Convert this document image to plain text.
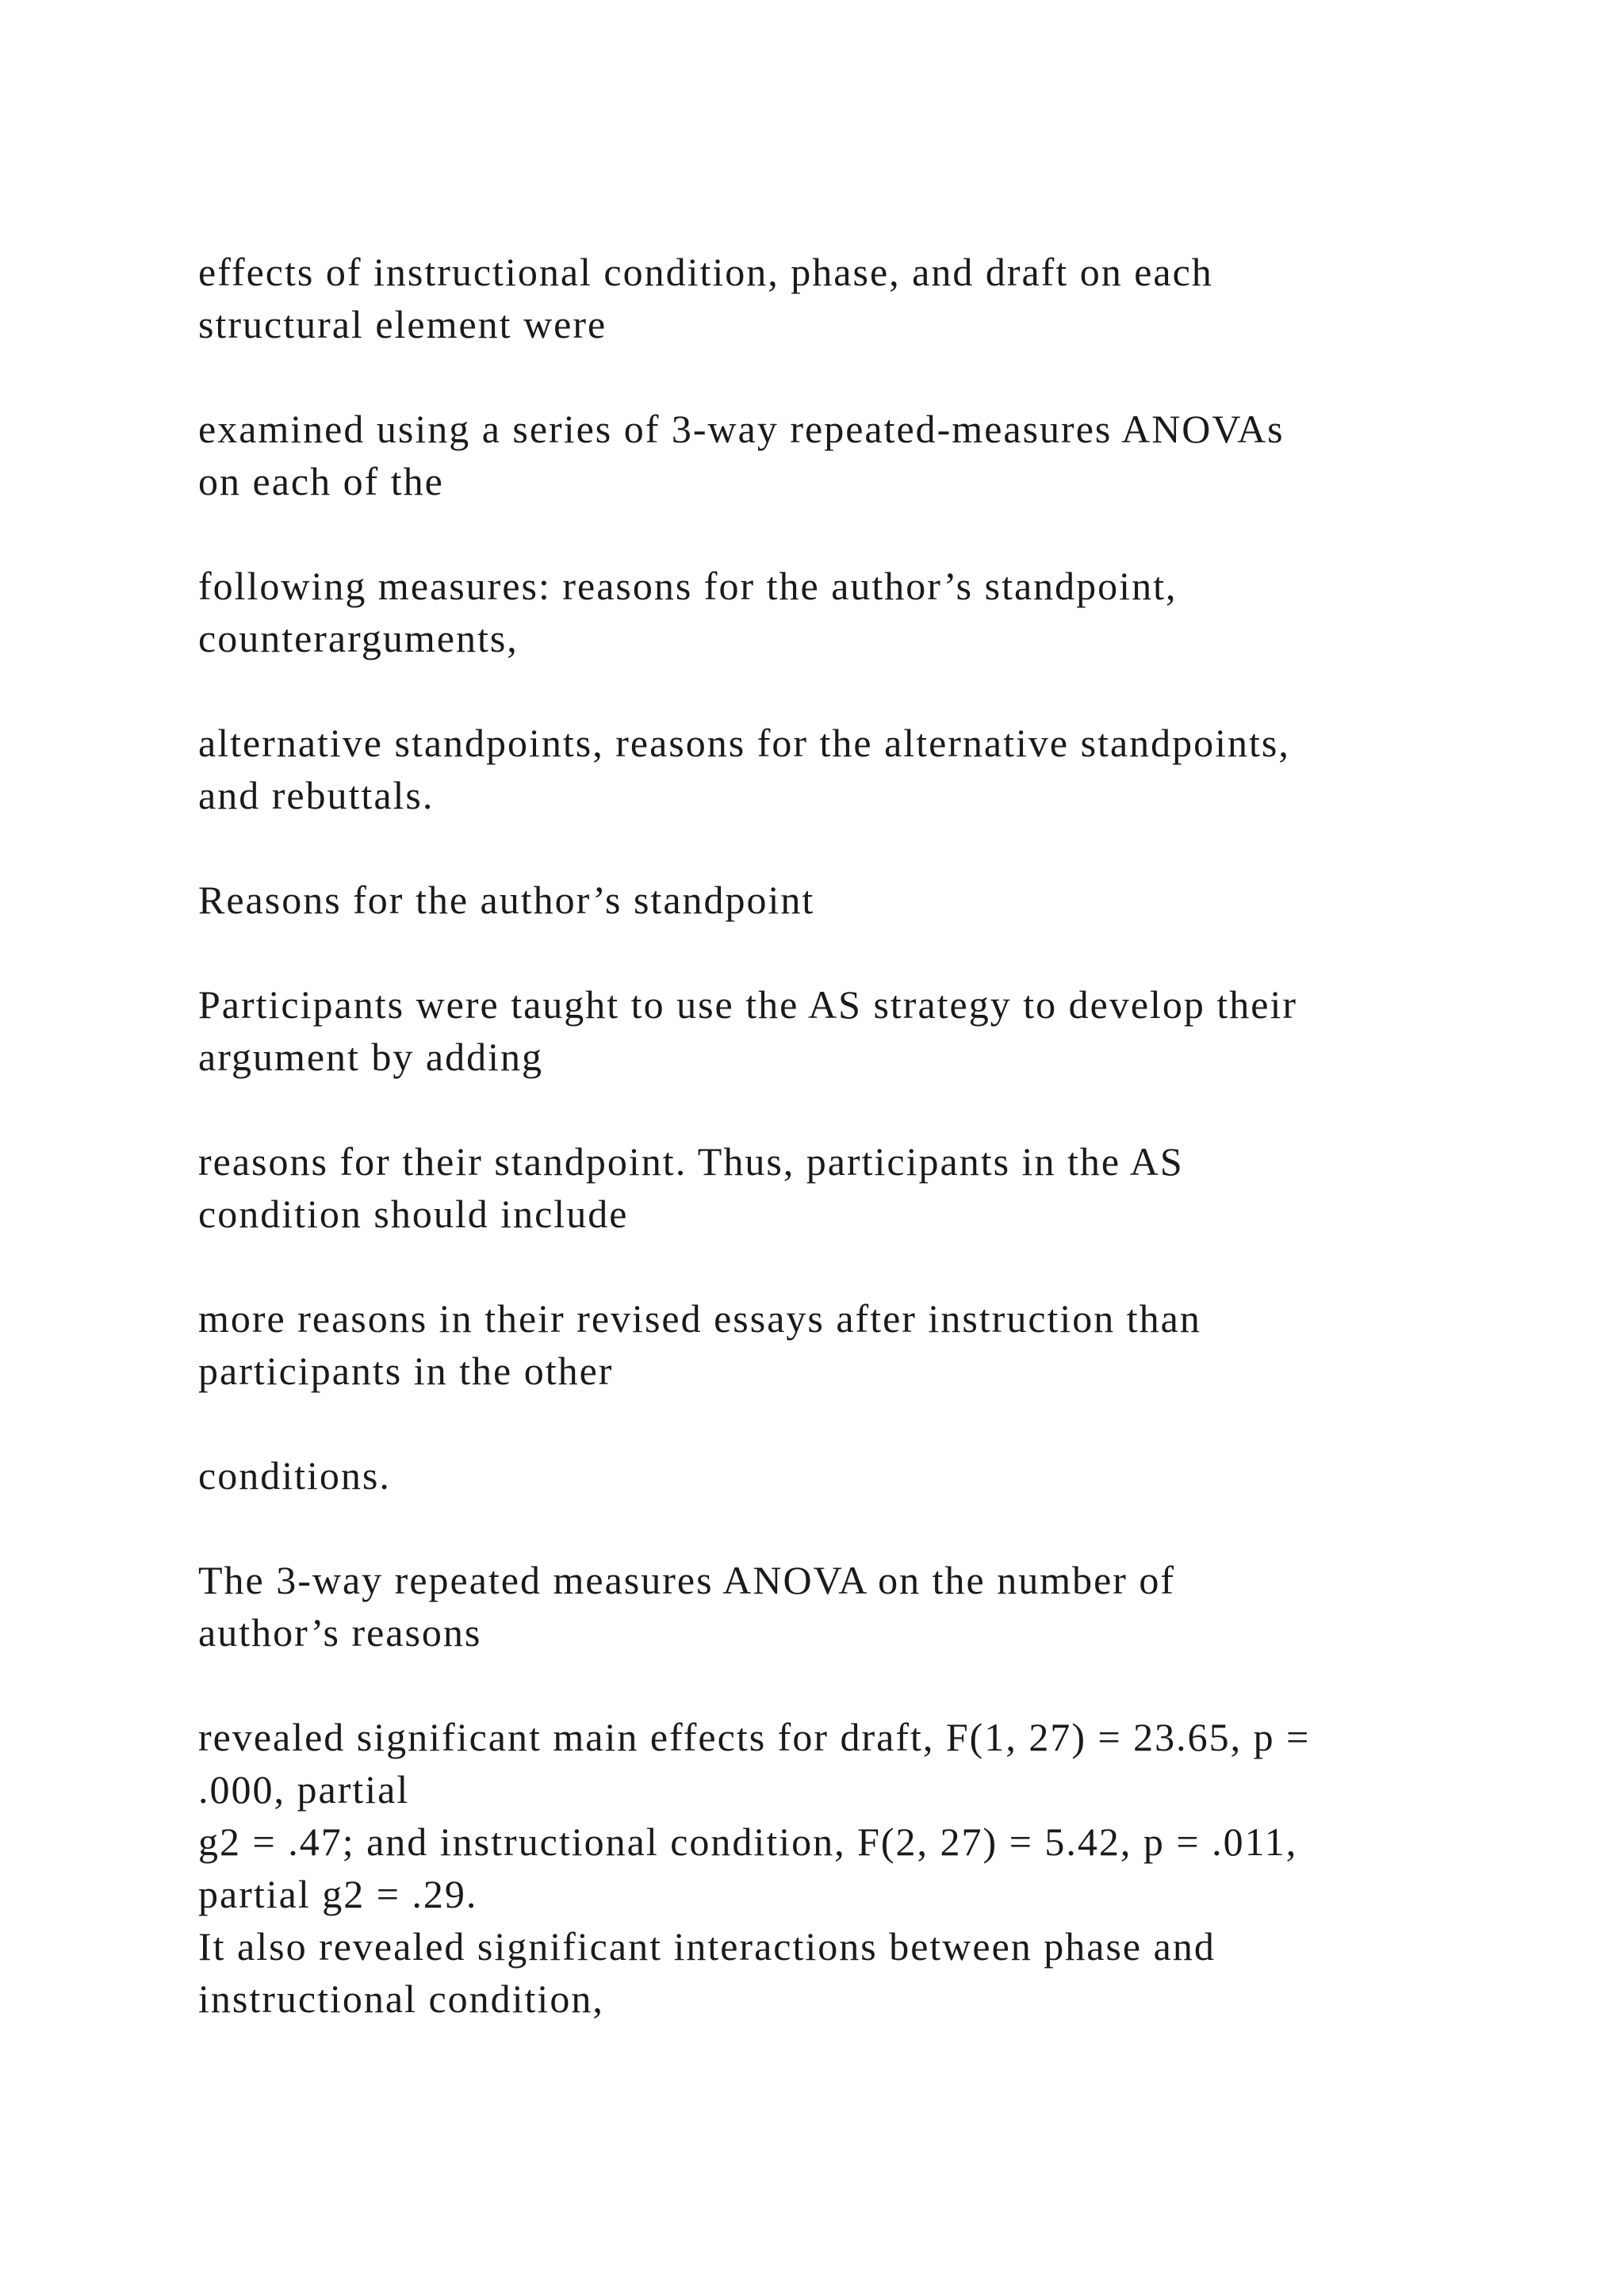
effects of instructional condition, phase, and draft on each
structural element were
examined using a series of 3-way repeated-measures ANOVAs
on each of the
following measures: reasons for the author’s standpoint,
counterarguments,
alternative standpoints, reasons for the alternative standpoints,
and rebuttals.
Reasons for the author’s standpoint
Participants were taught to use the AS strategy to develop their
argument by adding
reasons for their standpoint. Thus, participants in the AS
condition should include
more reasons in their revised essays after instruction than
participants in the other
conditions.
The 3-way repeated measures ANOVA on the number of
author’s reasons
revealed significant main effects for draft, F(1, 27) = 23.65, p =
.000, partial
g2 = .47; and instructional condition, F(2, 27) = 5.42, p = .011,
partial g2 = .29.
It also revealed significant interactions between phase and
instructional condition,
